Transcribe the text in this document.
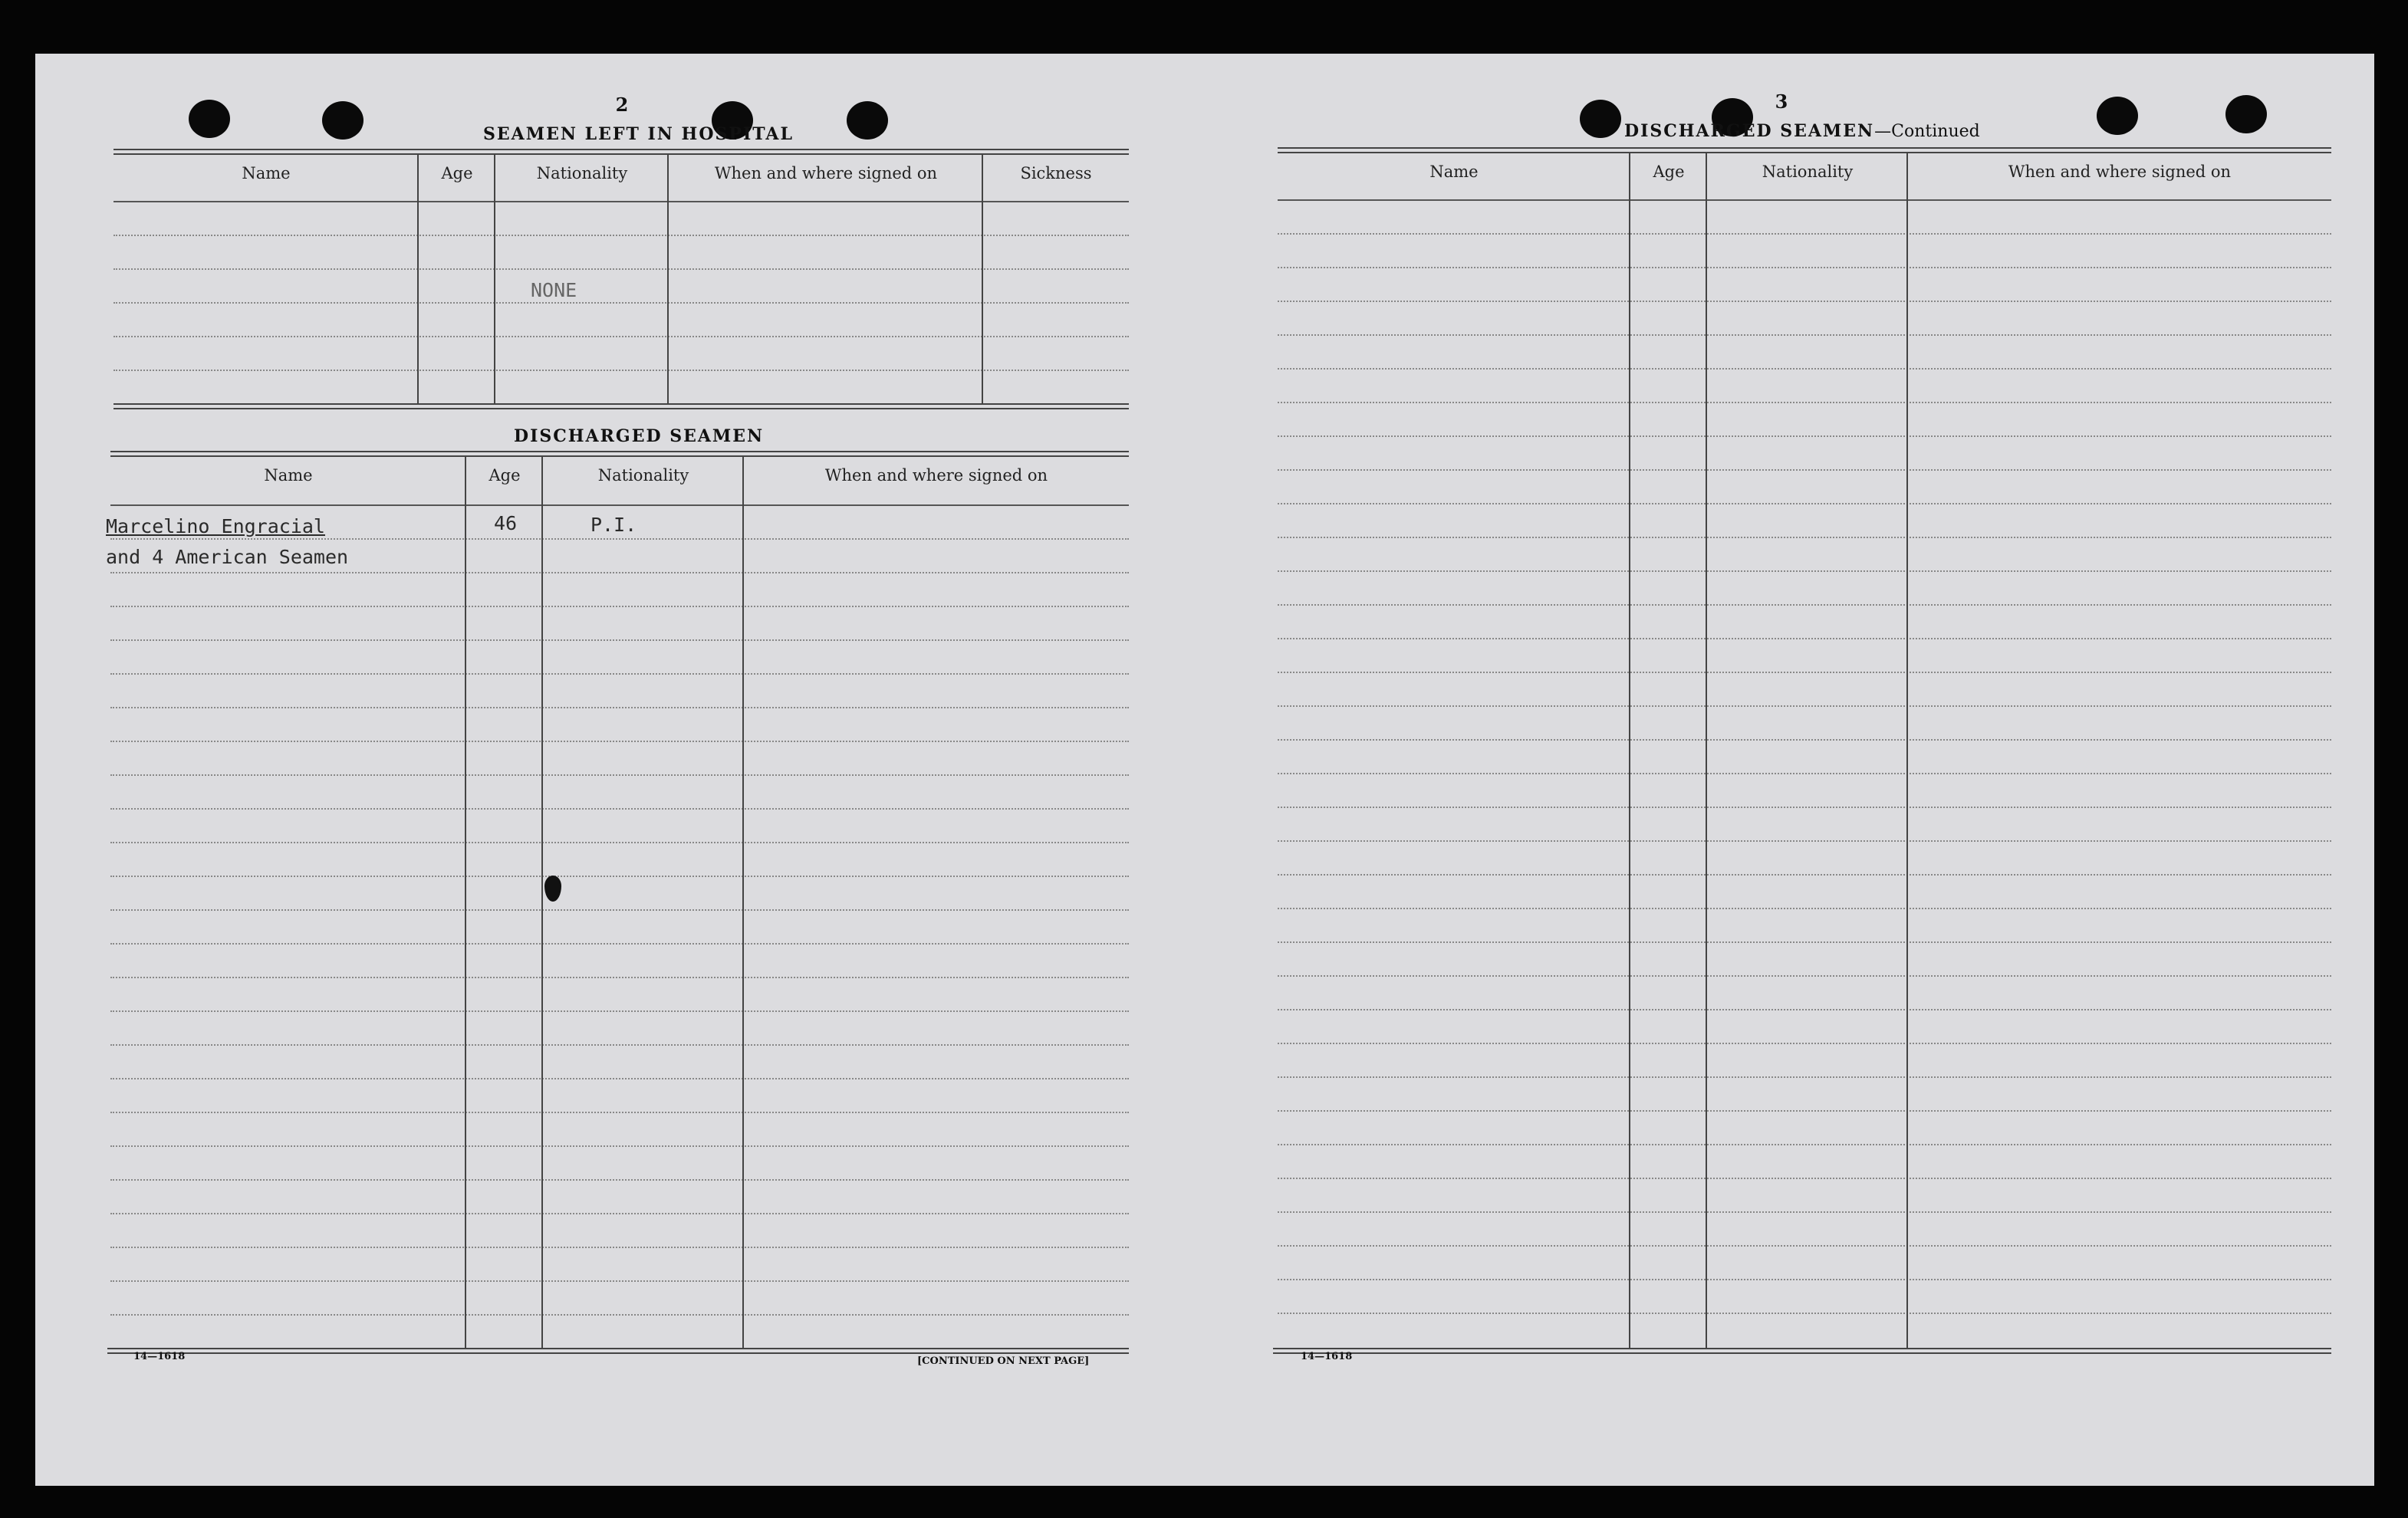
2
SEAMEN LEFT IN HOSPITAL
Name	Age	Nationality	When and where signed on	Sickness
NONE
DISCHARGED SEAMEN
Name	Age	Nationality	When and where signed on
Marcelino Engracial	46	P.I.
and 4 American Seamen
14—1618	[CONTINUED ON NEXT PAGE]
3
DISCHARGED SEAMEN—Continued
Name	Age	Nationality	When and where signed on
14—1618
